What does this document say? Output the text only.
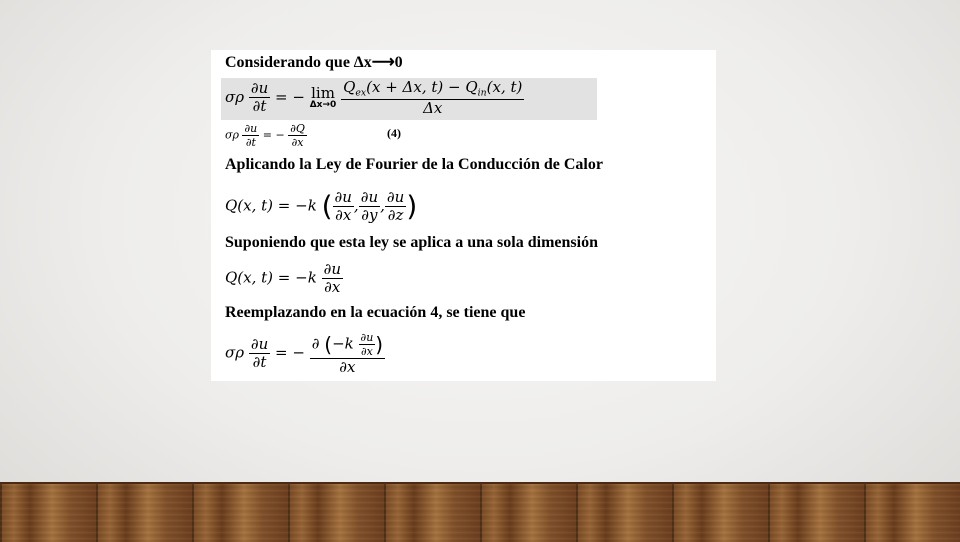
Considerando que ∆x⟶0
σρ $\frac{\partial u}{\partial t}$ = − lim
Δx→0
$\frac{Q_{ex}(x + \Delta x, t) - Q_{in}(x, t)}{\Delta x}$
σρ $\frac{\partial u}{\partial t}$ = − $\frac{\partial Q}{\partial x}$	(4)
Aplicando la Ley de Fourier de la Conducción de Calor
Q(x, t) = −k ( $\frac{\partial u}{\partial x}$ , $\frac{\partial u}{\partial y}$ , $\frac{\partial u}{\partial z}$ )
Suponiendo que esta ley se aplica a una sola dimensión
Q(x, $t) = -k \frac{\partial u}{\partial x}$
Reemplazando en la ecuación 4, se tiene que
σρ $\frac{\partial u}{\partial t}$ = − $\frac{\partial (-k \frac{\partial u}{\partial x} )}{\partial x}$
